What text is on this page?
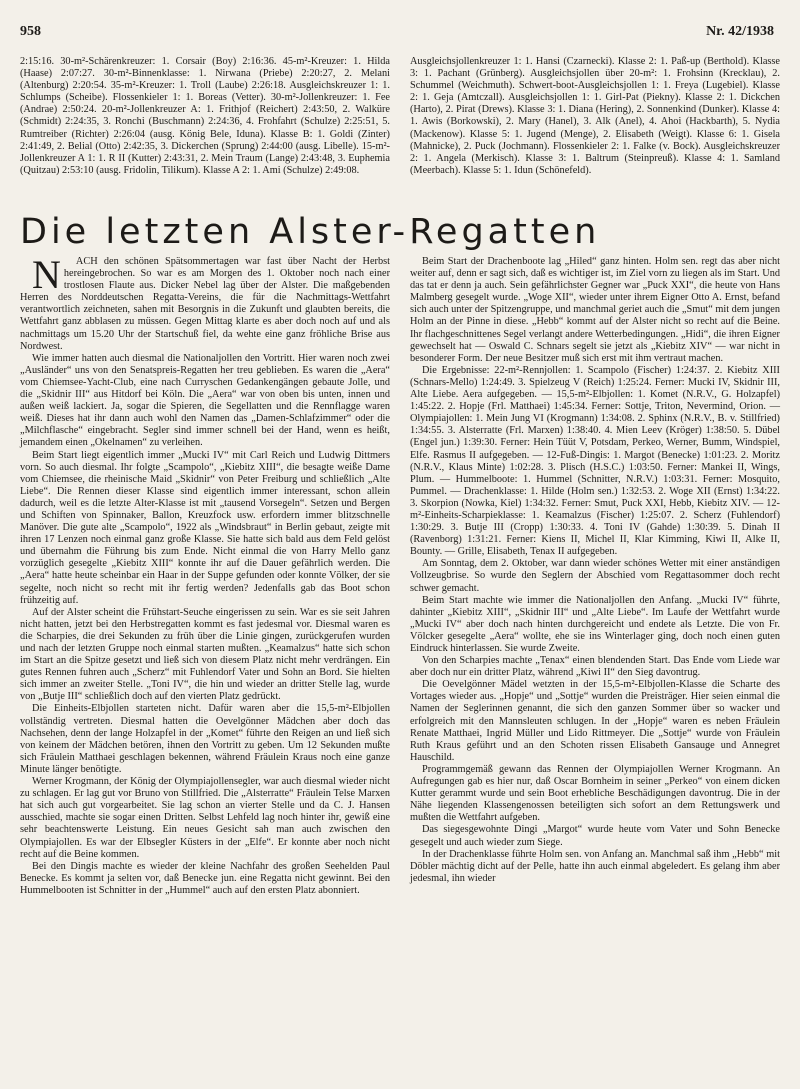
958	Nr. 42/1938

2:15:16. 30-m²-Schärenkreuzer: 1. Corsair (Boy) 2:16:36. 45-m²-Kreuzer: 1. Hilda (Haase) 2:07:27. 30-m²-Binnenklasse: 1. Nirwana (Priebe) 2:20:27, 2. Melani (Altenburg) 2:20:54. 35-m²-Kreuzer: 1. Troll (Laube) 2:26:18. Ausgleichskreuzer 1: 1. Schlumps (Scheibe). Flossenkieler 1: 1. Boreas (Vetter). 30-m²-Jollenkreuzer: 1. Fee (Andrae) 2:50:24. 20-m²-Jollenkreuzer A: 1. Frithjof (Reichert) 2:43:50, 2. Walküre (Schmidt) 2:24:35, 3. Ronchi (Buschmann) 2:24:36, 4. Frohfahrt (Schulze) 2:25:51, 5. Rumtreiber (Richter) 2:26:04 (ausg. König Bele, Iduna). Klasse B: 1. Goldi (Zinter) 2:41:49, 2. Belial (Otto) 2:42:35, 3. Dickerchen (Sprung) 2:44:00 (ausg. Libelle). 15-m²-Jollenkreuzer A 1: 1. R II (Kutter) 2:43:31, 2. Mein Traum (Lange) 2:43:48, 3. Euphemia (Quitzau) 2:53:10 (ausg. Fridolin, Tilikum). Klasse A 2: 1. Ami (Schulze) 2:49:08.

Ausgleichsjollenkreuzer 1: 1. Hansi (Czarnecki). Klasse 2: 1. Paß-up (Berthold). Klasse 3: 1. Pachant (Grünberg). Ausgleichsjollen über 20-m²: 1. Frohsinn (Krecklau), 2. Schummel (Weichmuth). Schwert-boot-Ausgleichsjollen 1: 1. Freya (Lugebiel). Klasse 2: 1. Geja (Amtczall). Ausgleichsjollen 1: 1. Girl-Pat (Piekny). Klasse 2: 1. Dickchen (Harto), 2. Pirat (Drews). Klasse 3: 1. Diana (Hering), 2. Sonnenkind (Dunker). Klasse 4: 1. Awis (Borkowski), 2. Mary (Hanel), 3. Alk (Anel), 4. Ahoi (Hackbarth), 5. Nydia (Mackenow). Klasse 5: 1. Jugend (Menge), 2. Elisabeth (Weigt). Klasse 6: 1. Gisela (Mahnicke), 2. Puck (Jochmann). Flossenkieler 2: 1. Falke (v. Bock). Ausgleichskreuzer 2: 1. Angela (Merkisch). Klasse 3: 1. Baltrum (Steinpreuß). Klasse 4: 1. Samland (Meerbach). Klasse 5: 1. Idun (Schönefeld).

Die letzten Alster-Regatten

N ACH den schönen Spätsommertagen war fast über Nacht der Herbst hereingebrochen. So war es am Morgen des 1. Oktober noch nach einer trostlosen Flaute aus. Dicker Nebel lag über der Alster. Die maßgebenden Herren des Norddeutschen Regatta-Vereins, die für die Nachmittags-Wettfahrt verantwortlich zeichneten, sahen mit Besorgnis in die Zukunft und glaubten bereits, die Wettfahrt ganz abblasen zu müssen. Gegen Mittag klarte es aber doch noch auf und als nachmittags um 15.20 Uhr der Startschuß fiel, da wehte eine ganz fröhliche Brise aus Nordwest.

Wie immer hatten auch diesmal die Nationaljollen den Vortritt. Hier waren noch zwei „Ausländer“ uns von den Senatspreis-Regatten her treu geblieben. Es waren die „Aera“ vom Chiemsee-Yacht-Club, eine nach Curryschen Gedankengängen gebaute Jolle, und die „Skidnir III“ aus Hitdorf bei Köln. Die „Aera“ war von oben bis unten, innen und außen weiß lackiert. Ja, sogar die Spieren, die Segellatten und die Rennflagge waren weiß. Dieses hat ihr dann auch wohl den Namen das „Damen-Schlafzimmer“ oder die „Milchflasche“ eingebracht. Segler sind immer schnell bei der Hand, wenn es heißt, jemandem einen „Okelnamen“ zu verleihen.

Beim Start liegt eigentlich immer „Mucki IV“ mit Carl Reich und Ludwig Dittmers vorn. So auch diesmal. Ihr folgte „Scampolo“, „Kiebitz XIII“, die besagte weiße Dame vom Chiemsee, die rheinische Maid „Skidnir“ von Peter Freiburg und schließlich „Alte Liebe“. Die Rennen dieser Klasse sind eigentlich immer interessant, schon allein dadurch, weil es die letzte Alter-Klasse ist mit „tausend Vorsegeln“. Setzen und Bergen und Schiften von Spinnaker, Ballon, Kreuzfock usw. erfordern immer blitzschnelle Manöver. Die gute alte „Scampolo“, 1922 als „Windsbraut“ in Berlin gebaut, zeigte mit ihren 17 Lenzen noch einmal ganz große Klasse. Sie hatte sich bald aus dem Feld gelöst und übernahm die Führung bis zum Ende. Nicht einmal die von Harry Mello ganz vorzüglich gesegelte „Kiebitz XIII“ konnte ihr auf die Dauer gefährlich werden. Die „Aera“ hatte heute scheinbar ein Haar in der Suppe gefunden oder konnte Völker, der sie segelte, noch nicht so recht mit ihr fertig werden? Jedenfalls gab das Boot schon frühzeitig auf.

Auf der Alster scheint die Frühstart-Seuche eingerissen zu sein. War es sie seit Jahren nicht hatten, jetzt bei den Herbstregatten kommt es fast jedesmal vor. Diesmal waren es die Scharpies, die drei Sekunden zu früh über die Linie gingen, zurückgerufen wurden und nach der letzten Gruppe noch einmal starten mußten. „Keamalzus“ hatte sich schon im Start an die Spitze gesetzt und ließ sich von diesem Platz nicht mehr verdrängen. Ein gutes Rennen fuhren auch „Scherz“ mit Fuhlendorf Vater und Sohn an Bord. Sie hielten sich immer an zweiter Stelle. „Toni IV“, die hin und wieder an dritter Stelle lag, wurde von „Butje III“ schließlich doch auf den vierten Platz gedrückt.

Die Einheits-Elbjollen starteten nicht. Dafür waren aber die 15,5-m²-Elbjollen vollständig vertreten. Diesmal hatten die Oevelgönner Mädchen aber doch das Nachsehen, denn der lange Holzapfel in der „Komet“ führte den Reigen an und ließ sich von keinem der Mädchen betören, ihnen den Vortritt zu geben. Um 12 Sekunden mußte sich Fräulein Matthaei geschlagen bekennen, während Fräulein Kraus noch eine ganze Minute länger benötigte.

Werner Krogmann, der König der Olympiajollensegler, war auch diesmal wieder nicht zu schlagen. Er lag gut vor Bruno von Stillfried. Die „Alsterratte“ Fräulein Telse Marxen hat sich auch gut vorgearbeitet. Sie lag schon an vierter Stelle und da C. J. Hansen ausschied, machte sie sogar einen Dritten. Selbst Lehfeld lag noch hinter ihr, gewiß eine sehr beachtenswerte Leistung. Ein neues Gesicht sah man auch zwischen den Olympiajollen. Es war der Elbsegler Küsters in der „Elfe“. Er konnte aber noch nicht recht auf die Beine kommen.

Bei den Dingis machte es wieder der kleine Nachfahr des großen Seehelden Paul Benecke. Es kommt ja selten vor, daß Benecke jun. eine Regatta nicht gewinnt. Bei den Hummelbooten ist Schnitter in der „Hummel“ auch auf den ersten Platz abonniert.

Beim Start der Drachenboote lag „Hiled“ ganz hinten. Holm sen. regt das aber nicht weiter auf, denn er sagt sich, daß es wichtiger ist, im Ziel vorn zu liegen als im Start. Und das tat er denn ja auch. Sein gefährlichster Gegner war „Puck XXI“, die heute von Hans Malmberg gesegelt wurde. „Woge XII“, wieder unter ihrem Eigner Otto A. Ernst, befand sich auch unter der Spitzengruppe, und manchmal geriet auch die „Smut“ mit dem jungen Holm an der Pinne in diese. „Hebb“ kommt auf der Alster nicht so recht auf die Beine. Ihr flachgeschnittenes Segel verlangt andere Wetterbedingungen. „Hidi“, die ihren Eigner gewechselt hat — Oswald C. Schnars segelt sie jetzt als „Kiebitz XIV“ — war nicht in besonderer Form. Der neue Besitzer muß sich erst mit ihm vertraut machen.

Die Ergebnisse: 22-m²-Rennjollen: 1. Scampolo (Fischer) 1:24:37. 2. Kiebitz XIII (Schnars-Mello) 1:24:49. 3. Spielzeug V (Reich) 1:25:24. Ferner: Mucki IV, Skidnir III, Alte Liebe. Aera aufgegeben. — 15,5-m²-Elbjollen: 1. Komet (N.R.V., G. Holzapfel) 1:45:22. 2. Hopje (Frl. Matthaei) 1:45:34. Ferner: Sottje, Triton, Nevermind, Orion. — Olympiajollen: 1. Mein Jung VI (Krogmann) 1:34:08. 2. Sphinx (N.R.V., B. v. Stillfried) 1:34:55. 3. Alsterratte (Frl. Marxen) 1:38:40. 4. Mien Leev (Kröger) 1:38:50. 5. Dübel (Engel jun.) 1:39:30. Ferner: Hein Tüüt V, Potsdam, Perkeo, Werner, Bumm, Windspiel, Elfe. Rasmus II aufgegeben. — 12-Fuß-Dingis: 1. Margot (Benecke) 1:01:23. 2. Moritz (N.R.V., Klaus Minte) 1:02:28. 3. Plisch (H.S.C.) 1:03:50. Ferner: Mankei II, Wings, Plum. — Hummelboote: 1. Hummel (Schnitter, N.R.V.) 1:03:31. Ferner: Mosquito, Pummel. — Drachenklasse: 1. Hilde (Holm sen.) 1:32:53. 2. Woge XII (Ernst) 1:34:22. 3. Skorpion (Nowka, Kiel) 1:34:32. Ferner: Smut, Puck XXI, Hebb, Kiebitz XIV. — 12-m²-Einheits-Scharpieklasse: 1. Keamalzus (Fischer) 1:25:07. 2. Scherz (Fuhlendorf) 1:30:29. 3. Butje III (Cropp) 1:30:33. 4. Toni IV (Gahde) 1:30:39. 5. Dinah II (Ravenborg) 1:31:21. Ferner: Kiens II, Michel II, Klar Kimming, Kiwi II, Alke II, Bounty. — Grille, Elisabeth, Tenax II aufgegeben.

Am Sonntag, dem 2. Oktober, war dann wieder schönes Wetter mit einer anständigen Vollzeugbrise. So wurde den Seglern der Abschied vom Regattasommer doch recht schwer gemacht.

Beim Start machte wie immer die Nationaljollen den Anfang. „Mucki IV“ führte, dahinter „Kiebitz XIII“, „Skidnir III“ und „Alte Liebe“. Im Laufe der Wettfahrt wurde „Mucki IV“ aber doch nach hinten durchgereicht und endete als Letzte. Die von Fr. Völcker gesegelte „Aera“ wollte, ehe sie ins Winterlager ging, doch noch einen guten Eindruck hinterlassen. Sie wurde Zweite.

Von den Scharpies machte „Tenax“ einen blendenden Start. Das Ende vom Liede war aber doch nur ein dritter Platz, während „Kiwi II“ den Sieg davontrug.

Die Oevelgönner Mädel wetzten in der 15,5-m²-Elbjollen-Klasse die Scharte des Vortages wieder aus. „Hopje“ und „Sottje“ wurden die Preisträger. Hier seien einmal die Namen der Seglerinnen genannt, die sich den ganzen Sommer über so wacker und erfolgreich mit den Mannsleuten schlugen. In der „Hopje“ waren es neben Fräulein Renate Matthaei, Ingrid Müller und Lido Rittmeyer. Die „Sottje“ wurde von Fräulein Ruth Kraus geführt und an den Schoten rissen Elisabeth Gansauge und Annegret Hauschild.

Programmgemäß gewann das Rennen der Olympiajollen Werner Krogmann. An Aufregungen gab es hier nur, daß Oscar Bornheim in seiner „Perkeo“ von einem dicken Kutter gerammt wurde und sein Boot erhebliche Beschädigungen davontrug. Die in der Nähe liegenden Klassengenossen beteiligten sich sofort an dem Rettungswerk und mußten die Wettfahrt aufgeben.

Das siegesgewohnte Dingi „Margot“ wurde heute vom Vater und Sohn Benecke gesegelt und auch wieder zum Siege.

In der Drachenklasse führte Holm sen. von Anfang an. Manchmal saß ihm „Hebb“ mit Döbler mächtig dicht auf der Pelle, hatte ihn auch einmal abgeledert. Es gelang ihm aber jedesmal, ihn wieder
